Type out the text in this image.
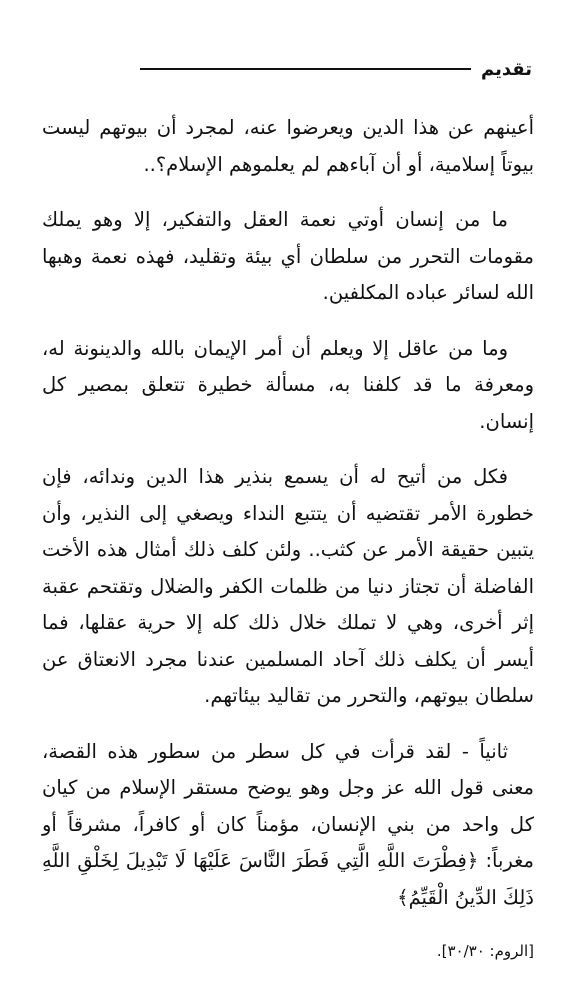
تقديم

أعينهم عن هذا الدين ويعرضوا عنه، لمجرد أن بيوتهم ليست بيوتاً إسلامية، أو أن آباءهم لم يعلموهم الإسلام؟..

ما من إنسان أوتي نعمة العقل والتفكير، إلا وهو يملك مقومات التحرر من سلطان أي بيئة وتقليد، فهذه نعمة وهبها الله لسائر عباده المكلفين.

وما من عاقل إلا ويعلم أن أمر الإيمان بالله والدينونة له، ومعرفة ما قد كلفنا به، مسألة خطيرة تتعلق بمصير كل إنسان.

فكل من أتيح له أن يسمع بنذير هذا الدين وندائه، فإن خطورة الأمر تقتضيه أن يتتبع النداء ويصغي إلى النذير، وأن يتبين حقيقة الأمر عن كثب.. ولئن كلف ذلك أمثال هذه الأخت الفاضلة أن تجتاز دنيا من ظلمات الكفر والضلال وتقتحم عقبة إثر أخرى، وهي لا تملك خلال ذلك كله إلا حرية عقلها، فما أيسر أن يكلف ذلك آحاد المسلمين عندنا مجرد الانعتاق عن سلطان بيوتهم، والتحرر من تقاليد بيئاتهم.

ثانياً - لقد قرأت في كل سطر من سطور هذه القصة، معنى قول الله عز وجل وهو يوضح مستقر الإسلام من كيان كل واحد من بني الإنسان، مؤمناً كان أو كافراً، مشرقاً أو مغرباً: ﴿فِطْرَتَ اللَّهِ الَّتِي فَطَرَ النَّاسَ عَلَيْهَا لَا تَبْدِيلَ لِخَلْقِ اللَّهِ ذَلِكَ الدِّينُ الْقَيِّمُ﴾

[الروم: ٣٠/٣٠].
